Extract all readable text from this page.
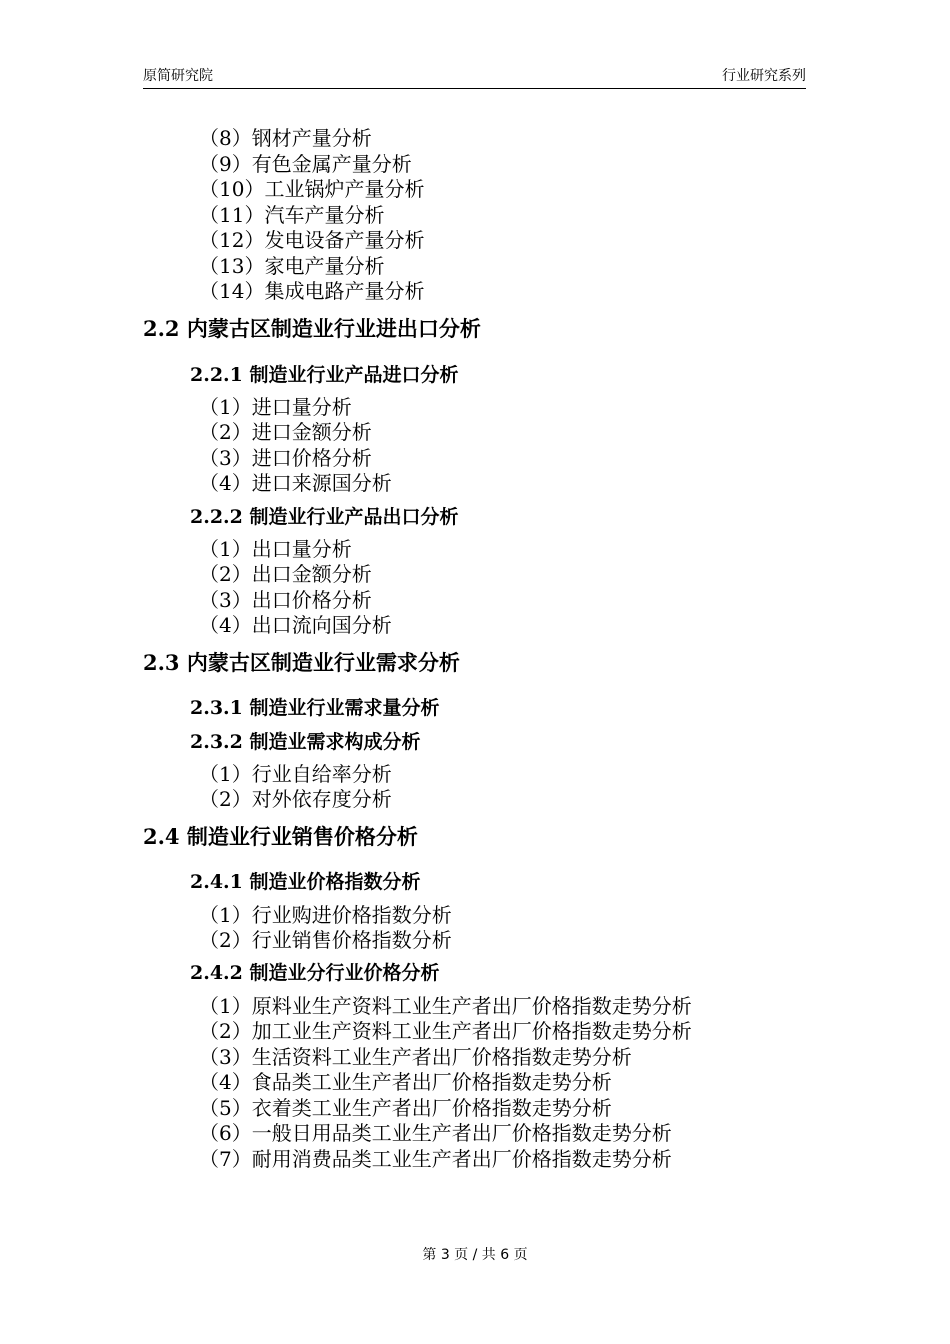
原简研究院	行业研究系列
（8）钢材产量分析
（9）有色金属产量分析
（10）工业锅炉产量分析
（11）汽车产量分析
（12）发电设备产量分析
（13）家电产量分析
（14）集成电路产量分析
2.2 内蒙古区制造业行业进出口分析
2.2.1 制造业行业产品进口分析
（1）进口量分析
（2）进口金额分析
（3）进口价格分析
（4）进口来源国分析
2.2.2 制造业行业产品出口分析
（1）出口量分析
（2）出口金额分析
（3）出口价格分析
（4）出口流向国分析
2.3 内蒙古区制造业行业需求分析
2.3.1 制造业行业需求量分析
2.3.2 制造业需求构成分析
（1）行业自给率分析
（2）对外依存度分析
2.4 制造业行业销售价格分析
2.4.1 制造业价格指数分析
（1）行业购进价格指数分析
（2）行业销售价格指数分析
2.4.2 制造业分行业价格分析
（1）原料业生产资料工业生产者出厂价格指数走势分析
（2）加工业生产资料工业生产者出厂价格指数走势分析
（3）生活资料工业生产者出厂价格指数走势分析
（4）食品类工业生产者出厂价格指数走势分析
（5）衣着类工业生产者出厂价格指数走势分析
（6）一般日用品类工业生产者出厂价格指数走势分析
（7）耐用消费品类工业生产者出厂价格指数走势分析
第 3 页 / 共 6 页
